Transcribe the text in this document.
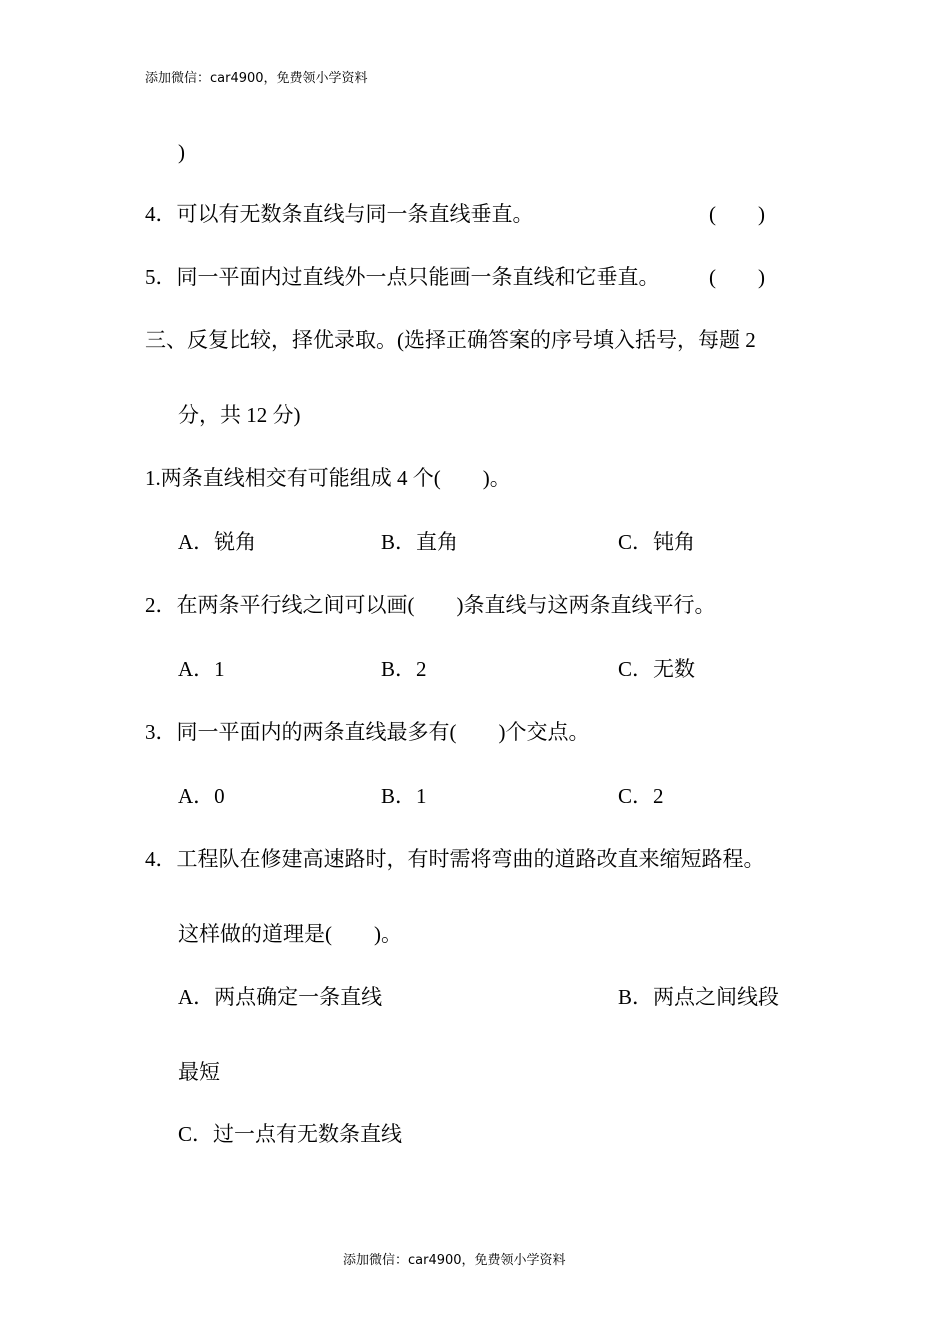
添加微信：car4900，免费领小学资料
)
4．可以有无数条直线与同一条直线垂直。	(　　)
5．同一平面内过直线外一点只能画一条直线和它垂直。 (　　)
三、反复比较，择优录取。(选择正确答案的序号填入括号，每题 2
分，共 12 分)
1.两条直线相交有可能组成 4 个(　　)。
A．锐角	B．直角	C．钝角
2．在两条平行线之间可以画(　　)条直线与这两条直线平行。
A．1	B．2	C．无数
3．同一平面内的两条直线最多有(　　)个交点。
A．0	B．1	C．2
4．工程队在修建高速路时，有时需将弯曲的道路改直来缩短路程。
这样做的道理是(　　)。
A．两点确定一条直线	B．两点之间线段
最短
C．过一点有无数条直线
添加微信：car4900，免费领小学资料
